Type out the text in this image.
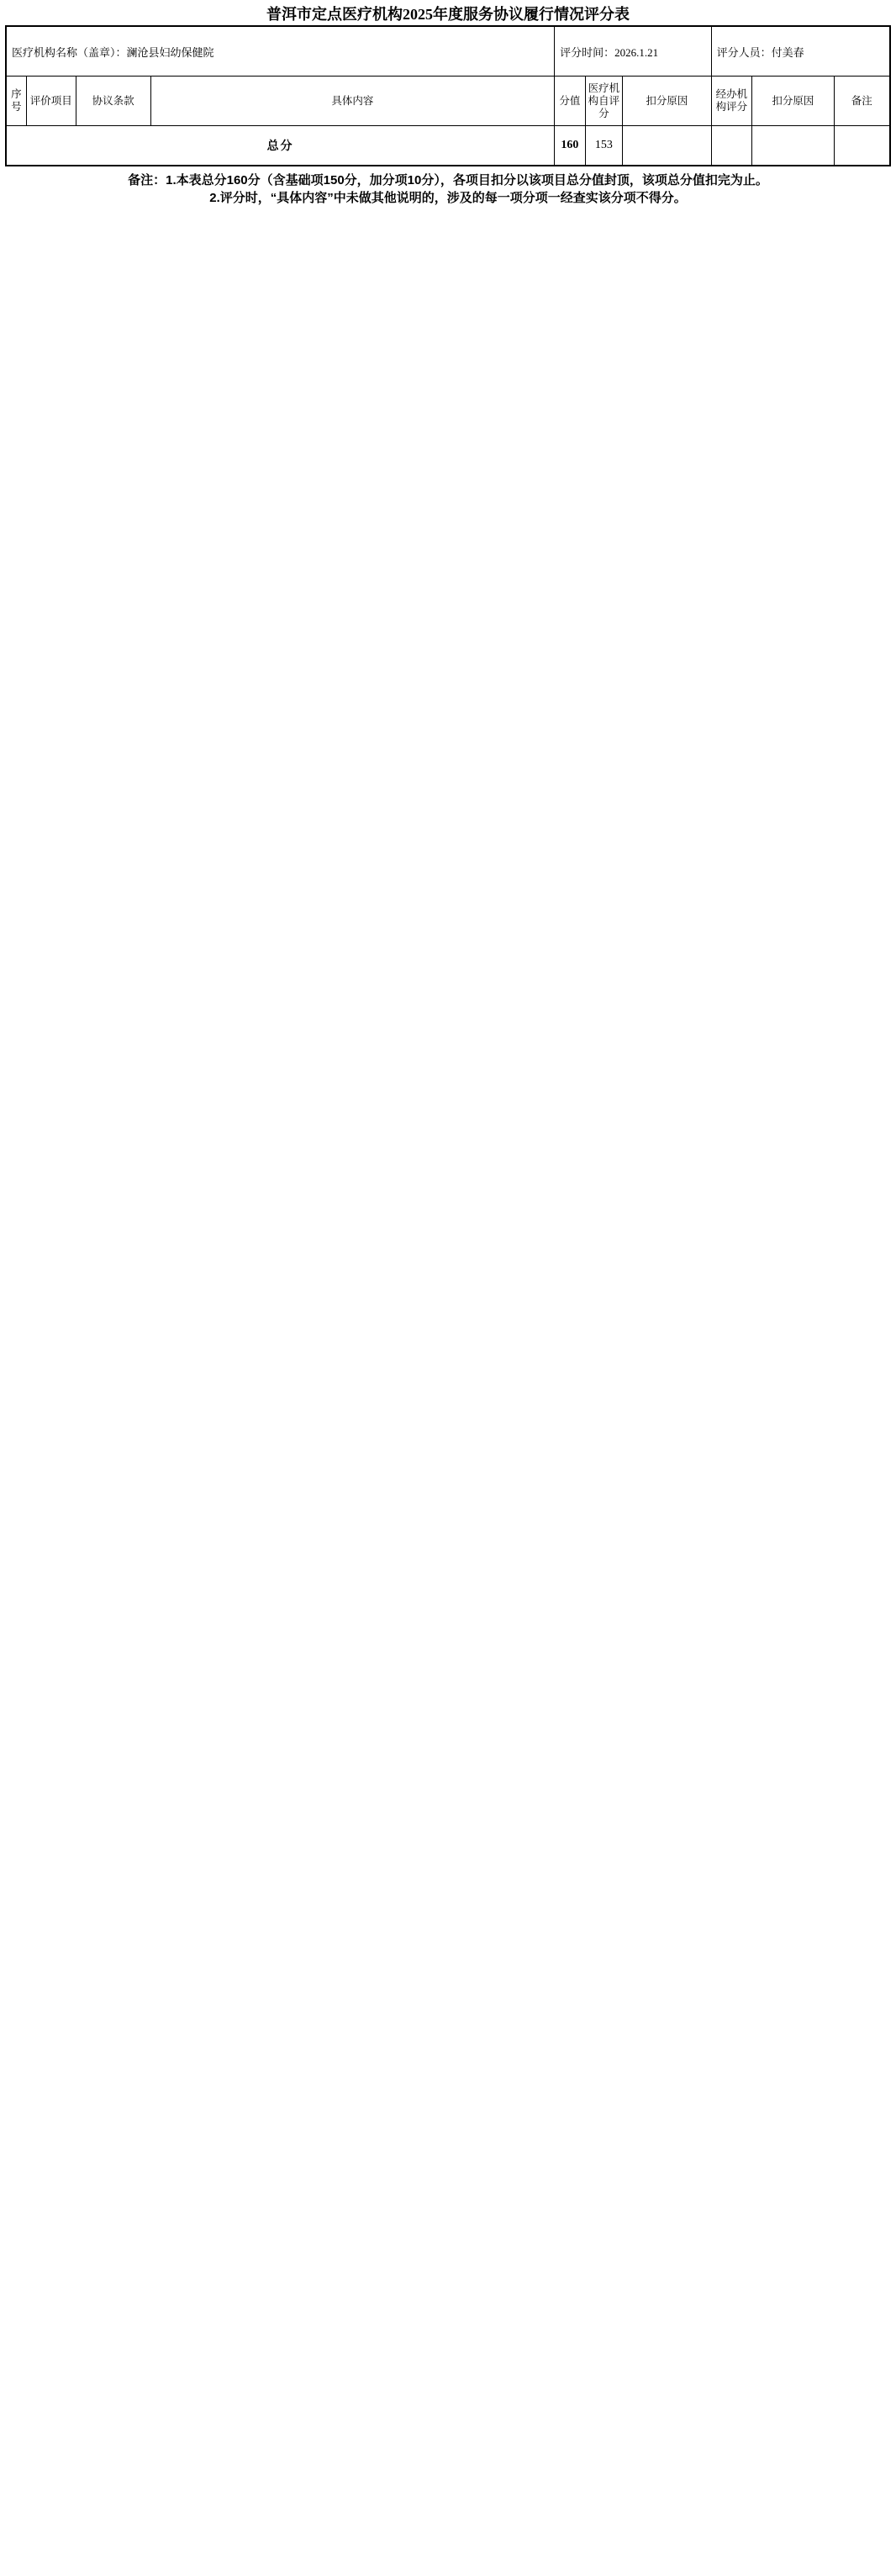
普洱市定点医疗机构2025年度服务协议履行情况评分表
医疗机构名称（盖章）：澜沧县妇幼保健院				评分时间：2026.1.21			评分人员：付美春		
序号	评价项目	协议条款	具体内容	分值	医疗机构自评分	扣分原因	经办机构评分	扣分原因	备注
总分				160	153				
备注：1.本表总分160分（含基础项150分，加分项10分），各项目扣分以该项目总分值封顶，该项总分值扣完为止。
2.评分时，“具体内容”中未做其他说明的，涉及的每一项分项一经查实该分项不得分。
